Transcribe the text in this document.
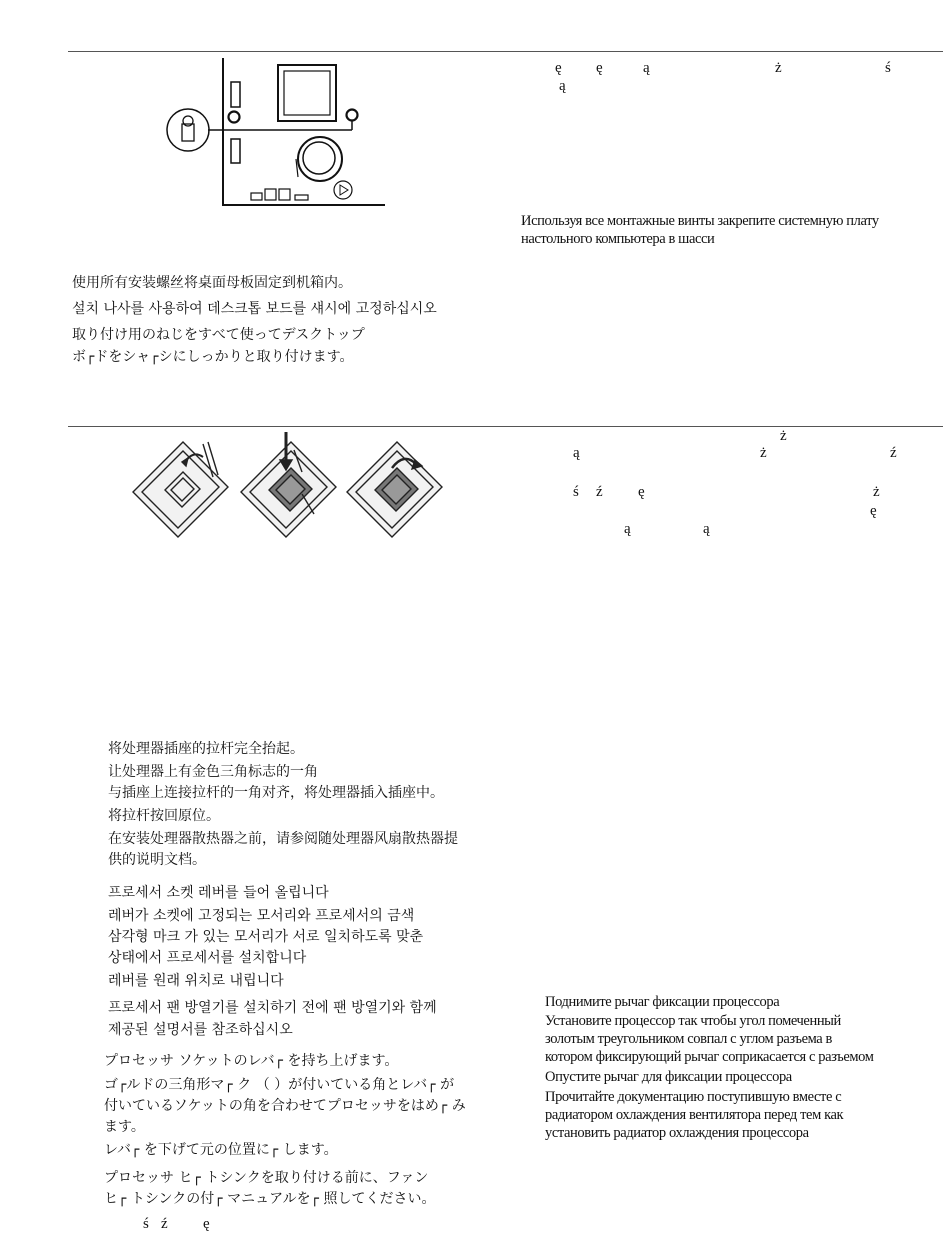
ę ę	ą	ż	ś
ą
Используя все монтажные винты закрепите системную плату
настольного компьютера в шасси
使用所有安装螺丝将桌面母板固定到机箱内。
설치 나사를 사용하여 데스크톱 보드를 섀시에 고정하십시오
取り付け用のねじをすべて使ってデスクトップ
ボ┌ドをシャ┌シにしっかりと取り付けます。
ż
ą	ż	ź
ś ź ę	ż
ę
ą	ą
将处理器插座的拉杆完全抬起。
让处理器上有金色三角标志的一角
与插座上连接拉杆的一角对齐，将处理器插入插座中。
将拉杆按回原位。
在安装处理器散热器之前，请参阅随处理器风扇散热器提
供的说明文档。
프로세서 소켓 레버를 들어 올립니다
레버가 소켓에 고정되는 모서리와 프로세서의 금색
삼각형 마크 가 있는 모서리가 서로 일치하도록 맞춘
상태에서 프로세서를 설치합니다
레버를 원래 위치로 내립니다
프로세서 팬 방열기를 설치하기 전에 팬 방열기와 함께
제공된 설명서를 참조하십시오
プロセッサ ソケットのレバ┌ を持ち上げます。
ゴ┌ルドの三角形マ┌ ク （ ）が付いている角とレバ┌ が
付いているソケットの角を合わせてプロセッサをはめ┌ み
ます。
レバ┌ を下げて元の位置に┌ します。
プロセッサ ヒ┌ トシンクを取り付ける前に、ファン
ヒ┌ トシンクの付┌ マニュアルを┌ 照してください。
Поднимите рычаг фиксации процессора
Установите процессор так чтобы угол помеченный
золотым треугольником совпал с углом разъема в
котором фиксирующий рычаг соприкасается с разъемом
Опустите рычаг для фиксации процессора
Прочитайте документацию поступившую вместе с
радиатором охлаждения вентилятора перед тем как
установить радиатор охлаждения процессора
ś ź ę
